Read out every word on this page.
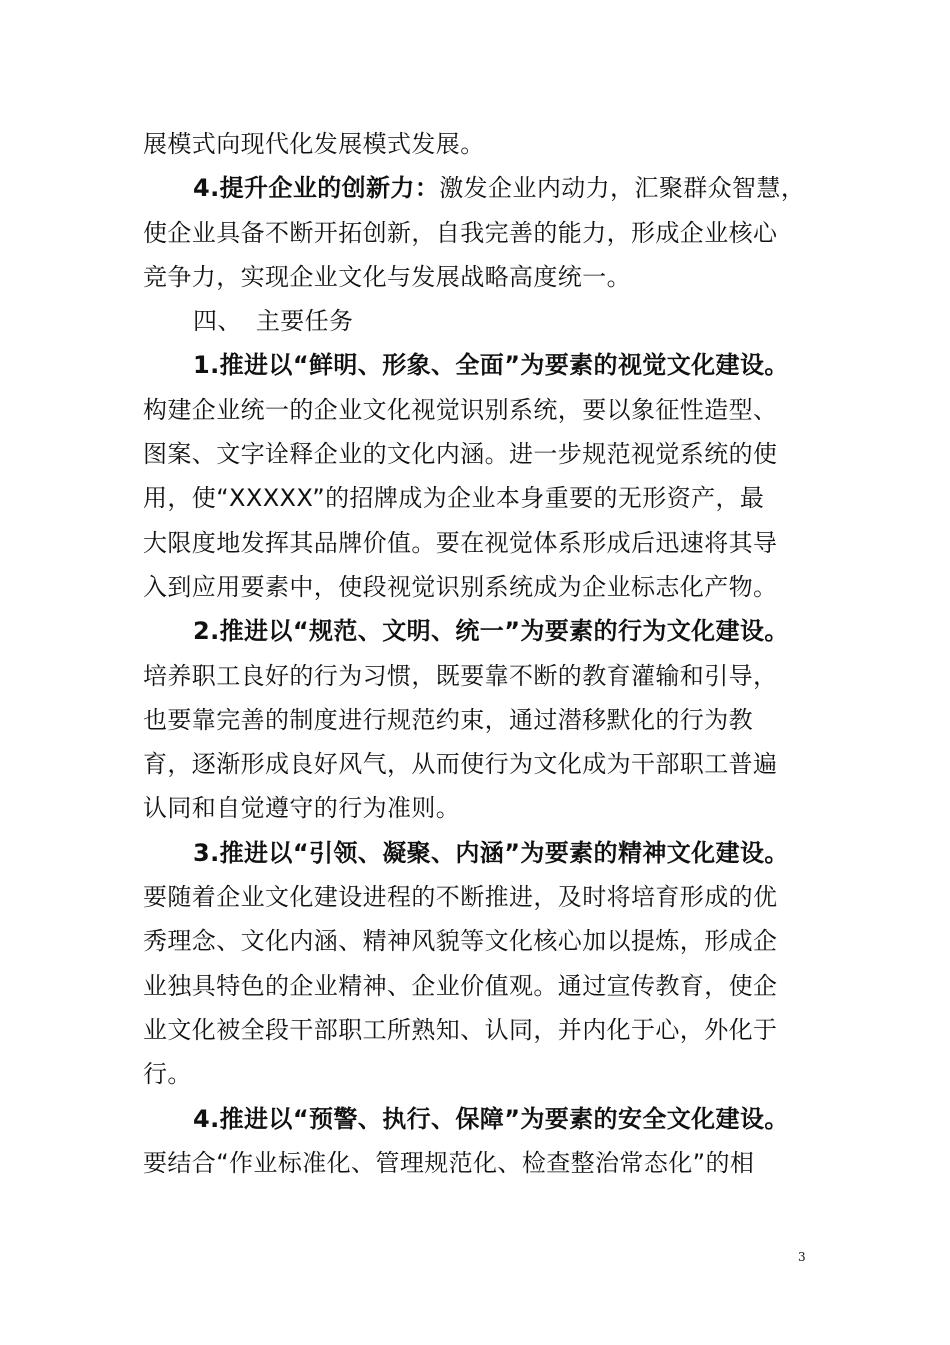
展模式向现代化发展模式发展。
4.提升企业的创新力：激发企业内动力，汇聚群众智慧，
使企业具备不断开拓创新，自我完善的能力，形成企业核心
竞争力，实现企业文化与发展战略高度统一。
四、 主要任务
1.推进以“鲜明、形象、全面”为要素的视觉文化建设。
构建企业统一的企业文化视觉识别系统，要以象征性造型、
图案、文字诠释企业的文化内涵。进一步规范视觉系统的使
用，使“XXXXX”的招牌成为企业本身重要的无形资产，最
大限度地发挥其品牌价值。要在视觉体系形成后迅速将其导
入到应用要素中，使段视觉识别系统成为企业标志化产物。
2.推进以“规范、文明、统一”为要素的行为文化建设。
培养职工良好的行为习惯，既要靠不断的教育灌输和引导，
也要靠完善的制度进行规范约束，通过潜移默化的行为教
育，逐渐形成良好风气，从而使行为文化成为干部职工普遍
认同和自觉遵守的行为准则。
3.推进以“引领、凝聚、内涵”为要素的精神文化建设。
要随着企业文化建设进程的不断推进，及时将培育形成的优
秀理念、文化内涵、精神风貌等文化核心加以提炼，形成企
业独具特色的企业精神、企业价值观。通过宣传教育，使企
业文化被全段干部职工所熟知、认同，并内化于心，外化于
行。
4.推进以“预警、执行、保障”为要素的安全文化建设。
要结合“作业标准化、管理规范化、检查整治常态化”的相
3
